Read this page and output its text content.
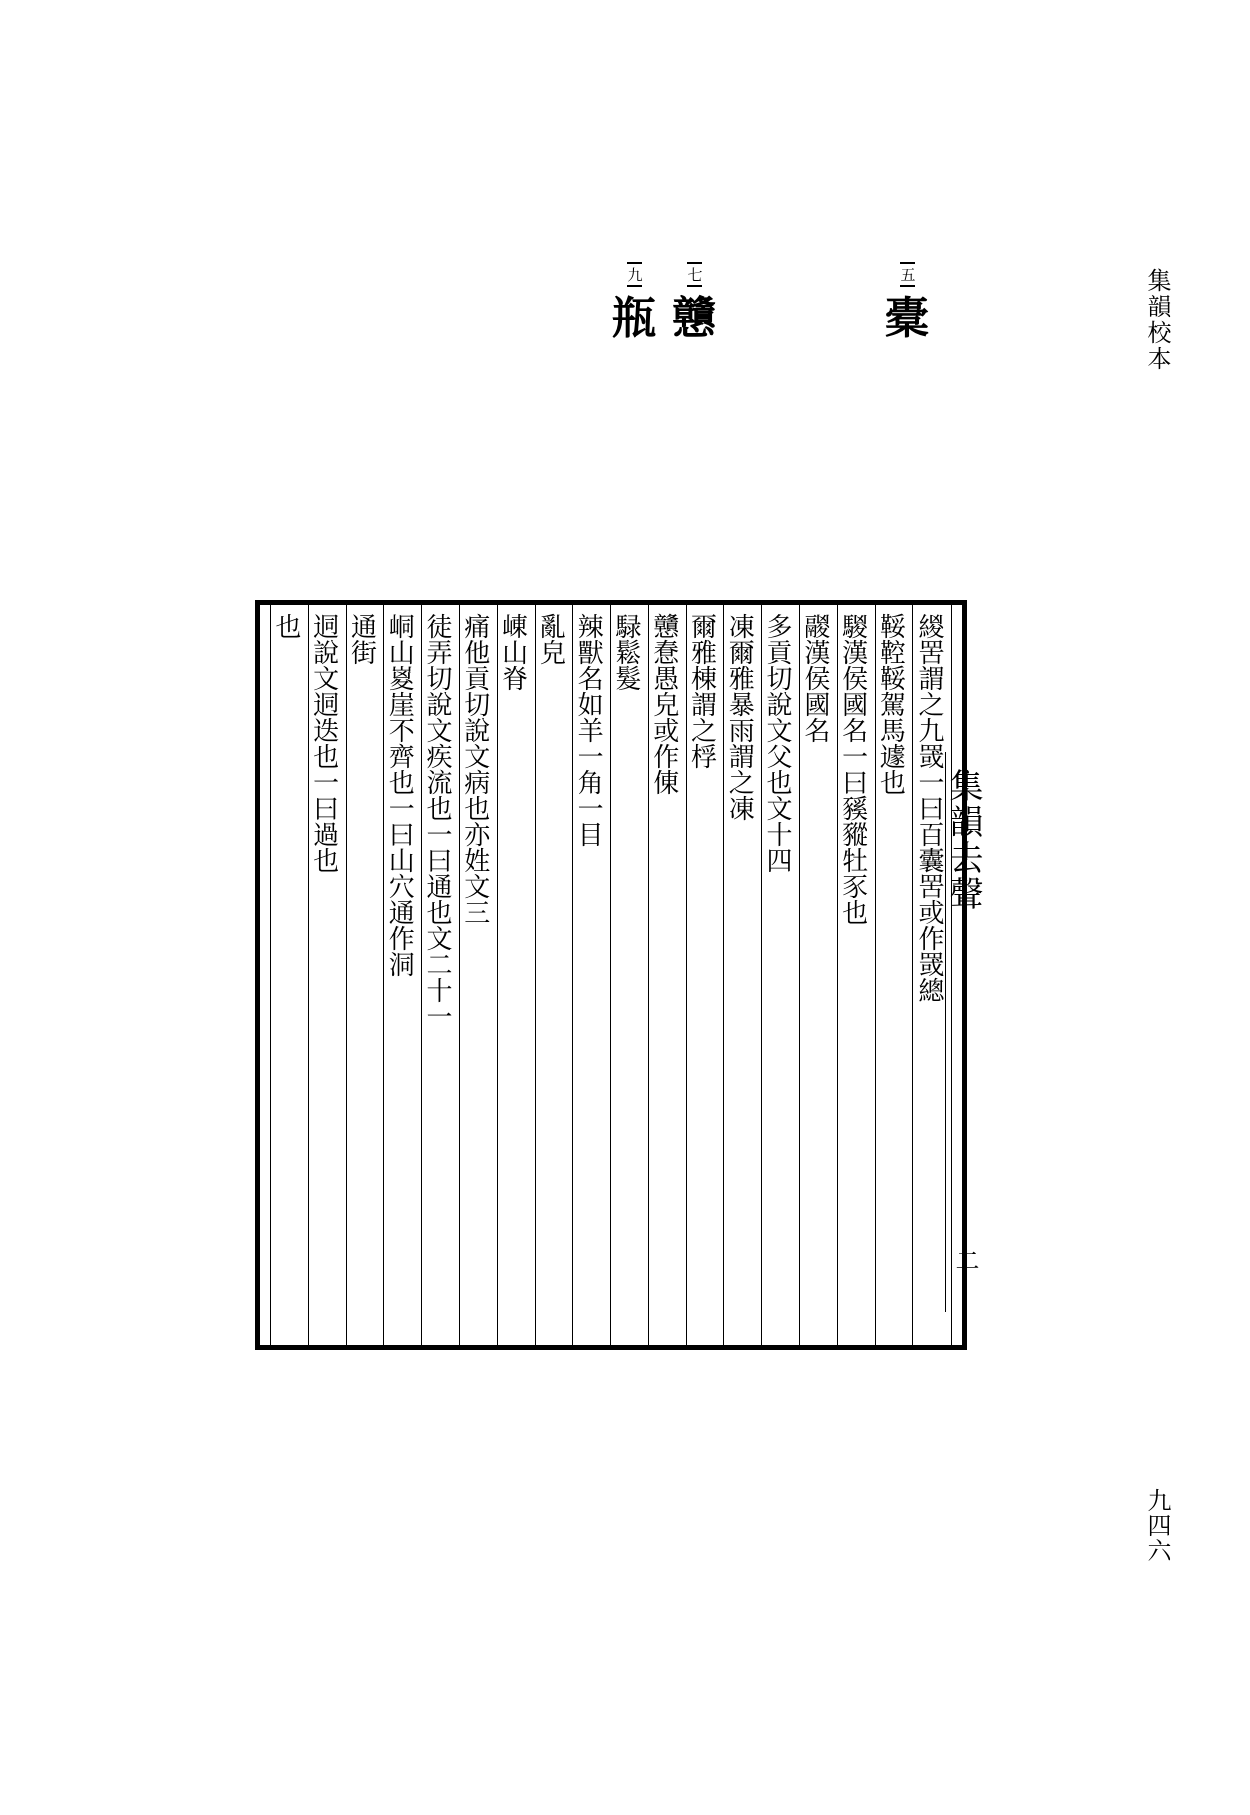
集韻校本
九四六
五
橐
七
戇
九
瓶
緵罟謂之九罭一曰百囊罟或作罭總
鞖鞚鞖駕馬遽也
騣漢侯國名一曰豯豵牡豕也
鬷漢侯國名
多貢切說文父也文十四
凍爾雅暴雨謂之凍
爾雅棟謂之桴
戇惷愚皃或作倲
騄鬆髮
辣獸名如羊一角一目
亂皃
崠山脊
痛他貢切說文病也亦姓文三
徒弄切說文疾流也一曰通也文二十一
峒山嵏崖不齊也一曰山穴通作洞
通街
迵說文迵迭也一曰過也
也
集韻去聲
二
